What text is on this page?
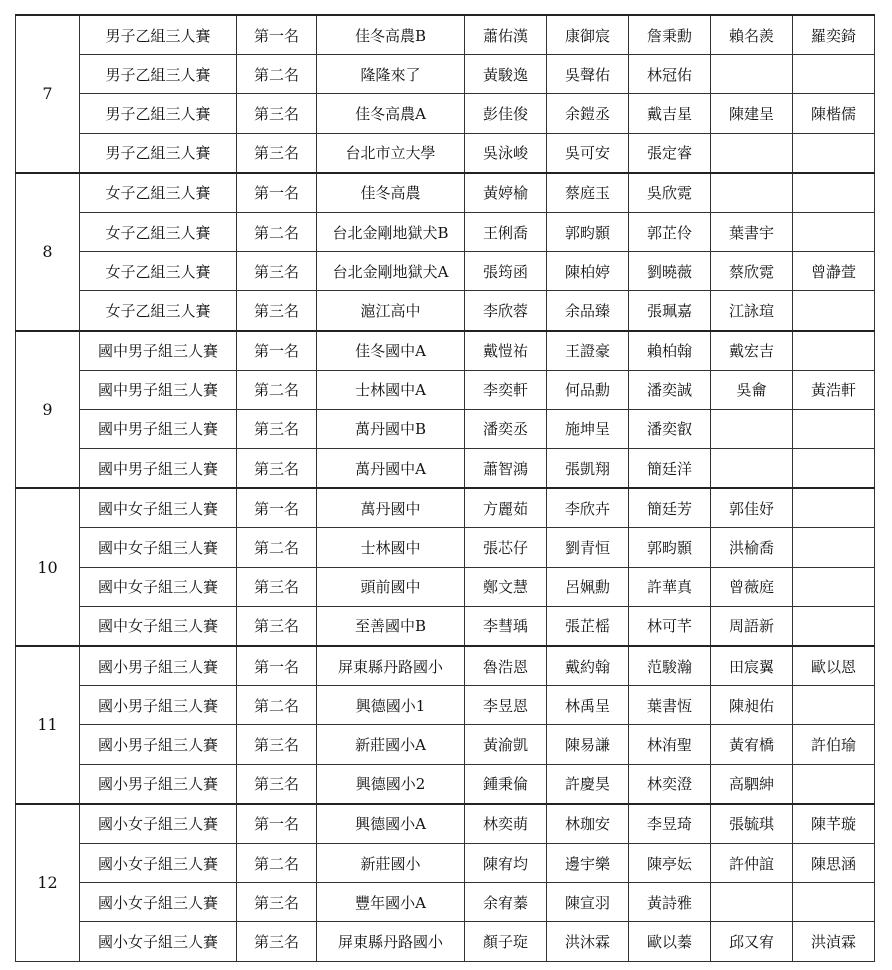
7	男子乙組三人賽	第一名	佳冬高農B	蕭佑漢	康御宸	詹秉勳	賴名羨	羅奕錡
	男子乙組三人賽	第二名	隆隆來了	黃駿逸	吳聲佑	林冠佑		
	男子乙組三人賽	第三名	佳冬高農A	彭佳俊	余鎧丞	戴吉星	陳建呈	陳楷儒
	男子乙組三人賽	第三名	台北市立大學	吳泳峻	吳可安	張定睿		
8	女子乙組三人賽	第一名	佳冬高農	黃婷榆	蔡庭玉	吳欣霓		
	女子乙組三人賽	第二名	台北金剛地獄犬B	王俐喬	郭畇顥	郭芷伶	葉書宇	
	女子乙組三人賽	第三名	台北金剛地獄犬A	張筠函	陳柏婷	劉曉薇	蔡欣霓	曾瀞萱
	女子乙組三人賽	第三名	滬江高中	李欣蓉	余品臻	張珮嘉	江詠瑄	
9	國中男子組三人賽	第一名	佳冬國中A	戴愷祐	王證豪	賴柏翰	戴宏吉	
	國中男子組三人賽	第二名	士林國中A	李奕軒	何品勳	潘奕誠	吳龠	黃浩軒
	國中男子組三人賽	第三名	萬丹國中B	潘奕丞	施坤呈	潘奕叡		
	國中男子組三人賽	第三名	萬丹國中A	蕭智鴻	張凱翔	簡廷洋		
10	國中女子組三人賽	第一名	萬丹國中	方麗茹	李欣卉	簡廷芳	郭佳妤	
	國中女子組三人賽	第二名	士林國中	張芯仔	劉青恒	郭畇顥	洪榆喬	
	國中女子組三人賽	第三名	頭前國中	鄭文慧	呂姵勳	許華真	曾薇庭	
	國中女子組三人賽	第三名	至善國中B	李彗瑀	張芷榣	林可芊	周語新	
11	國小男子組三人賽	第一名	屏東縣丹路國小	魯浩恩	戴約翰	范駿瀚	田宸翼	歐以恩
	國小男子組三人賽	第二名	興德國小1	李昱恩	林禹呈	葉書恆	陳昶佑	
	國小男子組三人賽	第三名	新莊國小A	黃渝凱	陳易謙	林洧聖	黃宥橋	許伯瑜
	國小男子組三人賽	第三名	興德國小2	鍾秉倫	許慶昊	林奕澄	高駟紳	
12	國小女子組三人賽	第一名	興德國小A	林奕萌	林珈安	李昱琦	張毓琪	陳芊璇
	國小女子組三人賽	第二名	新莊國小	陳宥均	邊宇樂	陳亭妘	許仲誼	陳思涵
	國小女子組三人賽	第三名	豐年國小A	余宥蓁	陳宣羽	黃詩雅		
	國小女子組三人賽	第三名	屏東縣丹路國小	顏子琁	洪沐霖	歐以蓁	邱又宥	洪湞霖
